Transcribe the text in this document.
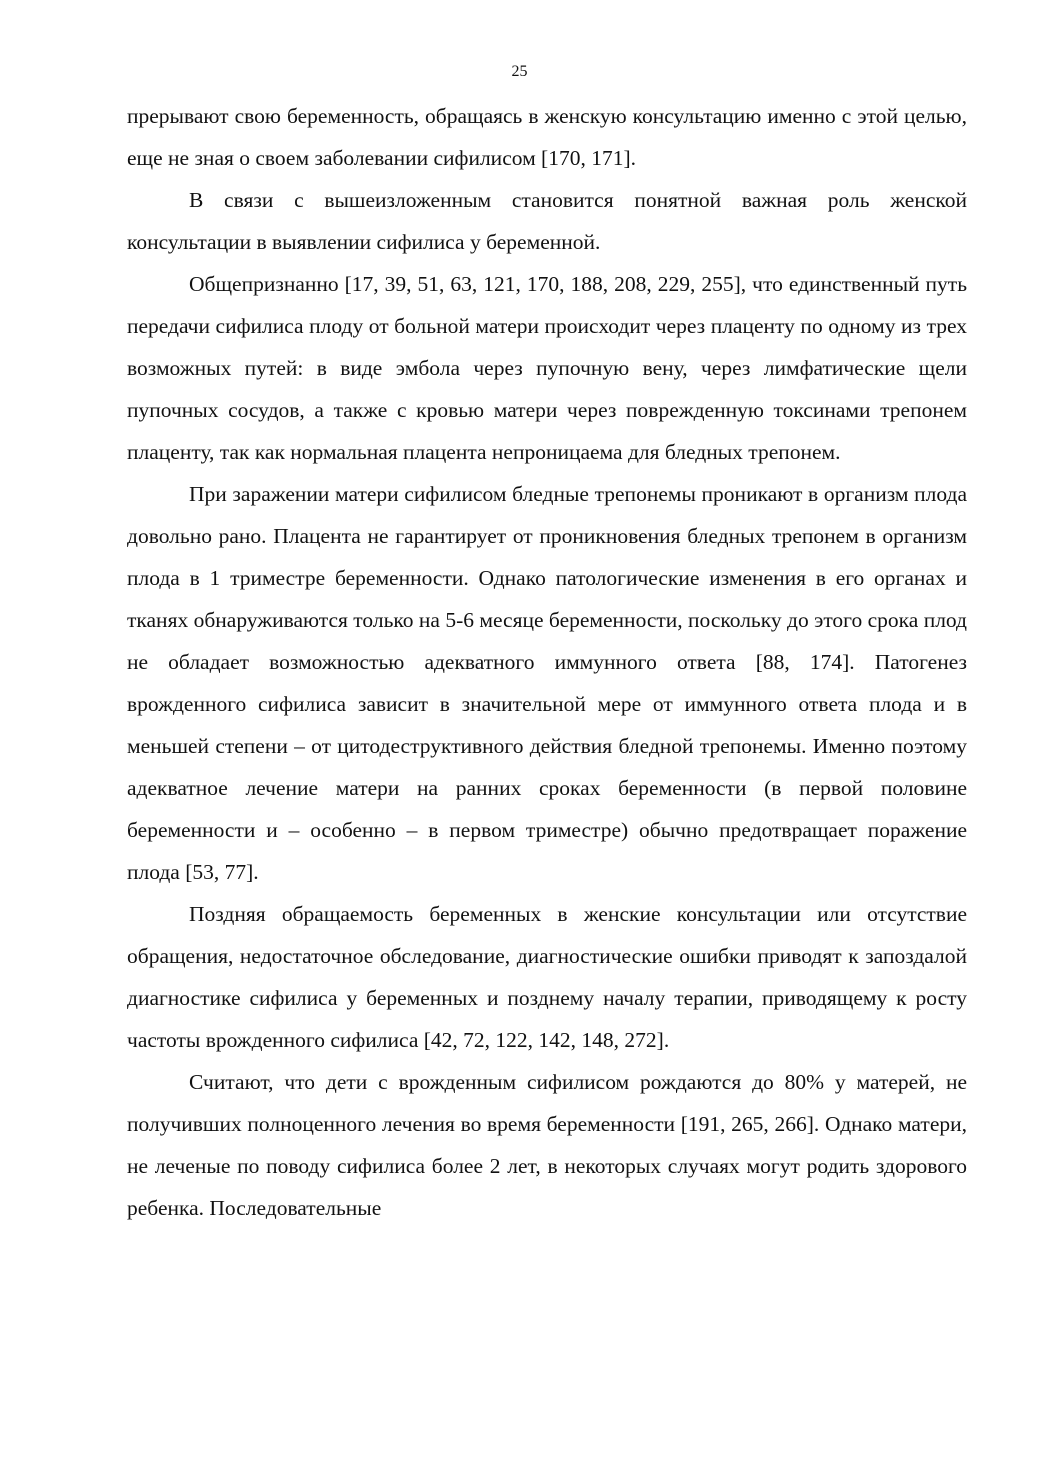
25

прерывают свою беременность, обращаясь в женскую консультацию именно с этой целью, еще не зная о своем заболевании сифилисом [170, 171].

В связи с вышеизложенным становится понятной важная роль женской консультации в выявлении сифилиса у беременной.

Общепризнанно [17, 39, 51, 63, 121, 170, 188, 208, 229, 255], что единственный путь передачи сифилиса плоду от больной матери происходит через плаценту по одному из трех возможных путей: в виде эмбола через пупочную вену, через лимфатические щели пупочных сосудов, а также с кровью матери через поврежденную токсинами трепонем плаценту, так как нормальная плацента непроницаема для бледных трепонем.

При заражении матери сифилисом бледные трепонемы проникают в организм плода довольно рано. Плацента не гарантирует от проникновения бледных трепонем в организм плода в 1 триместре беременности. Однако патологические изменения в его органах и тканях обнаруживаются только на 5-6 месяце беременности, поскольку до этого срока плод не обладает возможностью адекватного иммунного ответа [88, 174]. Патогенез врожденного сифилиса зависит в значительной мере от иммунного ответа плода и в меньшей степени – от цитодеструктивного действия бледной трепонемы. Именно поэтому адекватное лечение матери на ранних сроках беременности (в первой половине беременности и – особенно – в первом триместре) обычно предотвращает поражение плода [53, 77].

Поздняя обращаемость беременных в женские консультации или отсутствие обращения, недостаточное обследование, диагностические ошибки приводят к запоздалой диагностике сифилиса у беременных и позднему началу терапии, приводящему к росту частоты врожденного сифилиса [42, 72, 122, 142, 148, 272].

Считают, что дети с врожденным сифилисом рождаются до 80% у матерей, не получивших полноценного лечения во время беременности [191, 265, 266]. Однако матери, не леченые по поводу сифилиса более 2 лет, в некоторых случаях могут родить здорового ребенка. Последовательные
